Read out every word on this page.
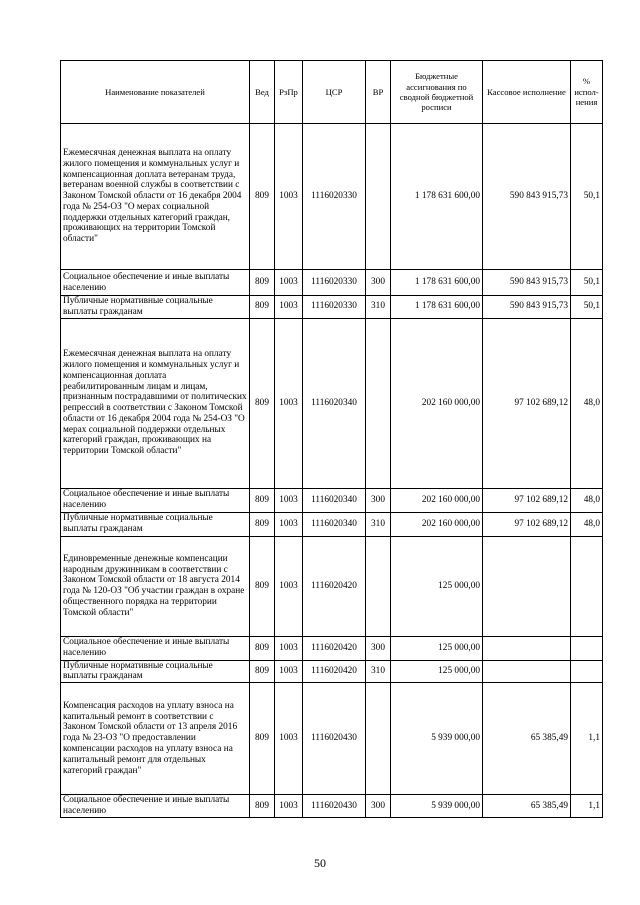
Наименование показателей	Вед	РзПр	ЦСР	ВР	Бюджетные ассигнования по сводной бюджетной росписи	Кассовое исполнение	% испол-нения
Ежемесячная денежная выплата на оплату жилого помещения и коммунальных услуг и компенсационная доплата ветеранам труда, ветеранам военной службы в соответствии с Законом Томской области от 16 декабря 2004 года № 254-ОЗ "О мерах социальной поддержки отдельных категорий граждан, проживающих на территории Томской области"	809	1003	1116020330		1 178 631 600,00	590 843 915,73	50,1
Социальное обеспечение и иные выплаты населению	809	1003	1116020330	300	1 178 631 600,00	590 843 915,73	50,1
Публичные нормативные социальные выплаты гражданам	809	1003	1116020330	310	1 178 631 600,00	590 843 915,73	50,1
Ежемесячная денежная выплата на оплату жилого помещения и коммунальных услуг и компенсационная доплата реабилитированным лицам и лицам, признанным пострадавшими от политических репрессий в соответствии с Законом Томской области от 16 декабря 2004 года № 254-ОЗ "О мерах социальной поддержки отдельных категорий граждан, проживающих на территории Томской области"	809	1003	1116020340		202 160 000,00	97 102 689,12	48,0
Социальное обеспечение и иные выплаты населению	809	1003	1116020340	300	202 160 000,00	97 102 689,12	48,0
Публичные нормативные социальные выплаты гражданам	809	1003	1116020340	310	202 160 000,00	97 102 689,12	48,0
Единовременные денежные компенсации народным дружинникам в соответствии с Законом Томской области от 18 августа 2014 года № 120-ОЗ "Об участии граждан в охране общественного порядка на территории Томской области"	809	1003	1116020420		125 000,00		
Социальное обеспечение и иные выплаты населению	809	1003	1116020420	300	125 000,00		
Публичные нормативные социальные выплаты гражданам	809	1003	1116020420	310	125 000,00		
Компенсация расходов на уплату взноса на капитальный ремонт в соответствии с Законом Томской области от 13 апреля 2016 года № 23-ОЗ "О предоставлении компенсации расходов на уплату взноса на капитальный ремонт для отдельных категорий граждан"	809	1003	1116020430		5 939 000,00	65 385,49	1,1
Социальное обеспечение и иные выплаты населению	809	1003	1116020430	300	5 939 000,00	65 385,49	1,1
50
